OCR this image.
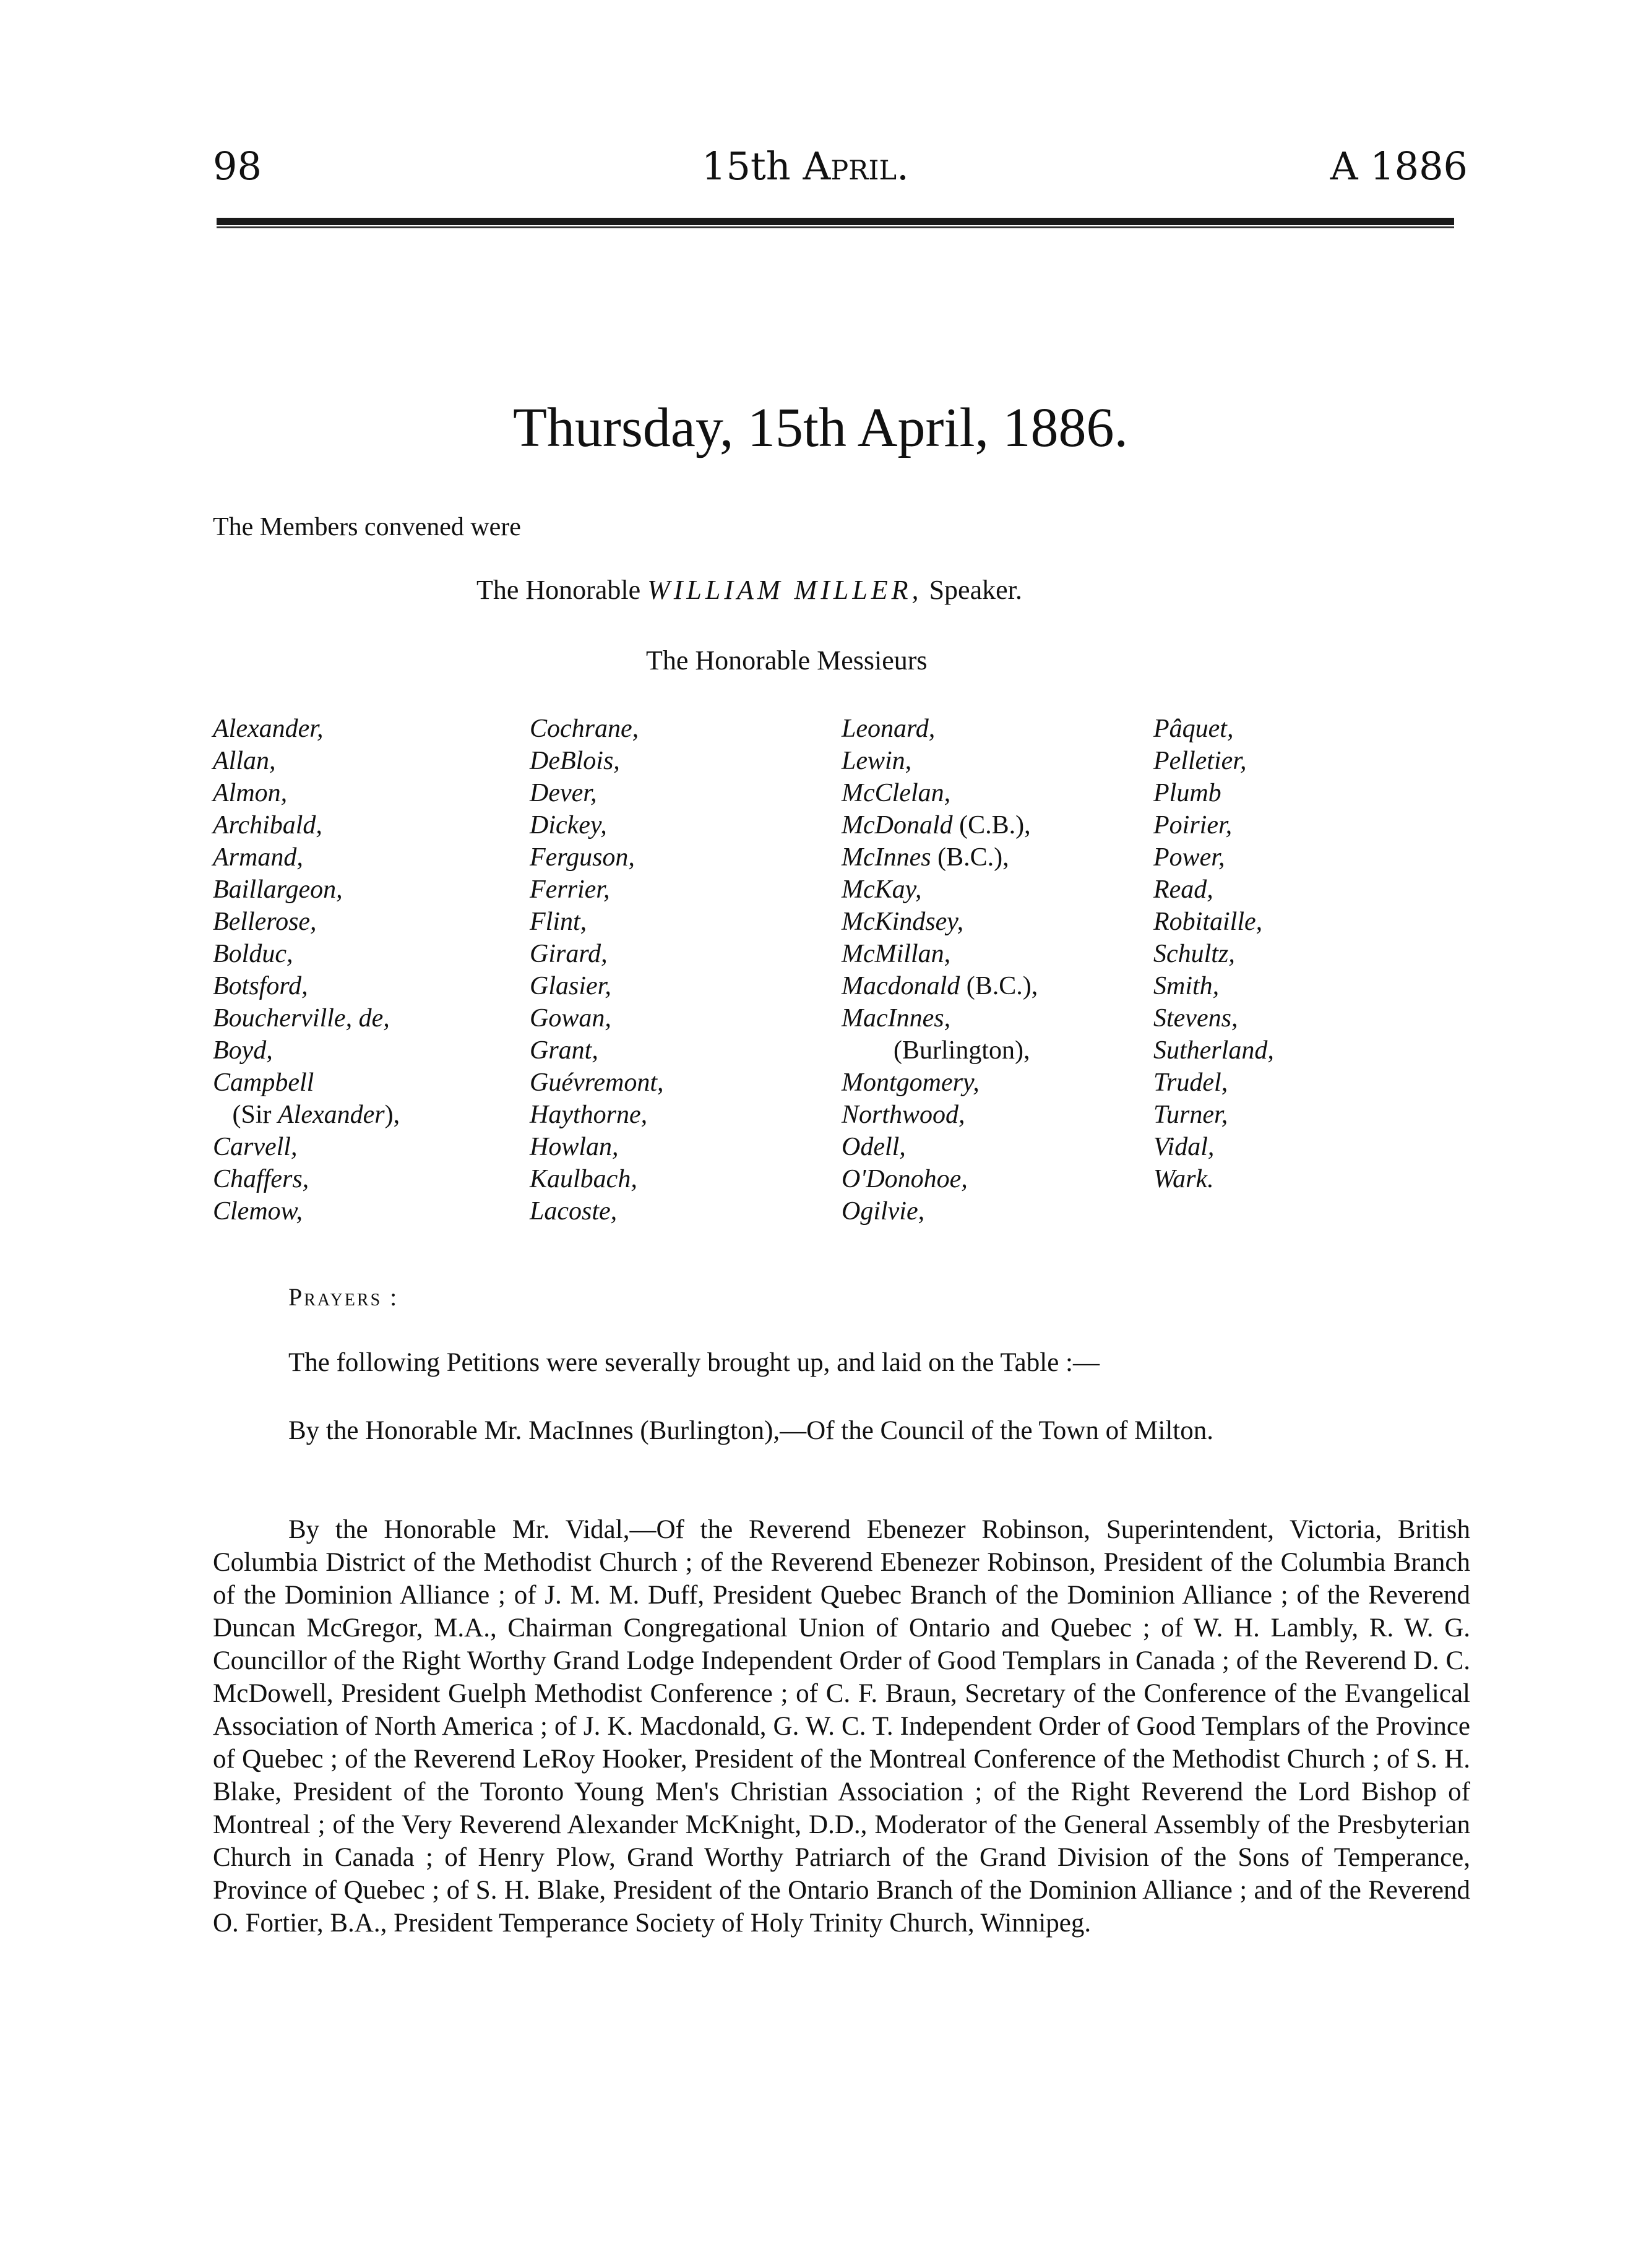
98	15th April.	A 1886
Thursday, 15th April, 1886.
The Members convened were
The Honorable WILLIAM MILLER, Speaker.
The Honorable Messieurs
Alexander,
Allan,
Almon,
Archibald,
Armand,
Baillargeon,
Bellerose,
Bolduc,
Botsford,
Boucherville, de,
Boyd,
Campbell
(Sir Alexander),
Carvell,
Chaffers,
Clemow,
Cochrane,
DeBlois,
Dever,
Dickey,
Ferguson,
Ferrier,
Flint,
Girard,
Glasier,
Gowan,
Grant,
Guévremont,
Haythorne,
Howlan,
Kaulbach,
Lacoste,
Leonard,
Lewin,
McClelan,
McDonald (C.B.),
McInnes (B.C.),
McKay,
McKindsey,
McMillan,
Macdonald (B.C.),
MacInnes,
(Burlington),
Montgomery,
Northwood,
Odell,
O'Donohoe,
Ogilvie,
Pâquet,
Pelletier,
Plumb
Poirier,
Power,
Read,
Robitaille,
Schultz,
Smith,
Stevens,
Sutherland,
Trudel,
Turner,
Vidal,
Wark.
Prayers :
The following Petitions were severally brought up, and laid on the Table :—
By the Honorable Mr. MacInnes (Burlington),—Of the Council of the Town of Milton.
By the Honorable Mr. Vidal,—Of the Reverend Ebenezer Robinson, Superintendent, Victoria, British Columbia District of the Methodist Church ; of the Reverend Ebenezer Robinson, President of the Columbia Branch of the Dominion Alliance ; of J. M. M. Duff, President Quebec Branch of the Dominion Alliance ; of the Reverend Duncan McGregor, M.A., Chairman Congregational Union of Ontario and Quebec ; of W. H. Lambly, R. W. G. Councillor of the Right Worthy Grand Lodge Independent Order of Good Templars in Canada ; of the Reverend D. C. McDowell, President Guelph Methodist Conference ; of C. F. Braun, Secretary of the Conference of the Evangelical Association of North America ; of J. K. Macdonald, G. W. C. T. Independent Order of Good Templars of the Province of Quebec ; of the Reverend LeRoy Hooker, President of the Montreal Conference of the Methodist Church ; of S. H. Blake, President of the Toronto Young Men's Christian Association ; of the Right Reverend the Lord Bishop of Montreal ; of the Very Reverend Alexander McKnight, D.D., Moderator of the General Assembly of the Presbyterian Church in Canada ; of Henry Plow, Grand Worthy Patriarch of the Grand Division of the Sons of Temperance, Province of Quebec ; of S. H. Blake, President of the Ontario Branch of the Dominion Alliance ; and of the Reverend O. Fortier, B.A., President Temperance Society of Holy Trinity Church, Winnipeg.
